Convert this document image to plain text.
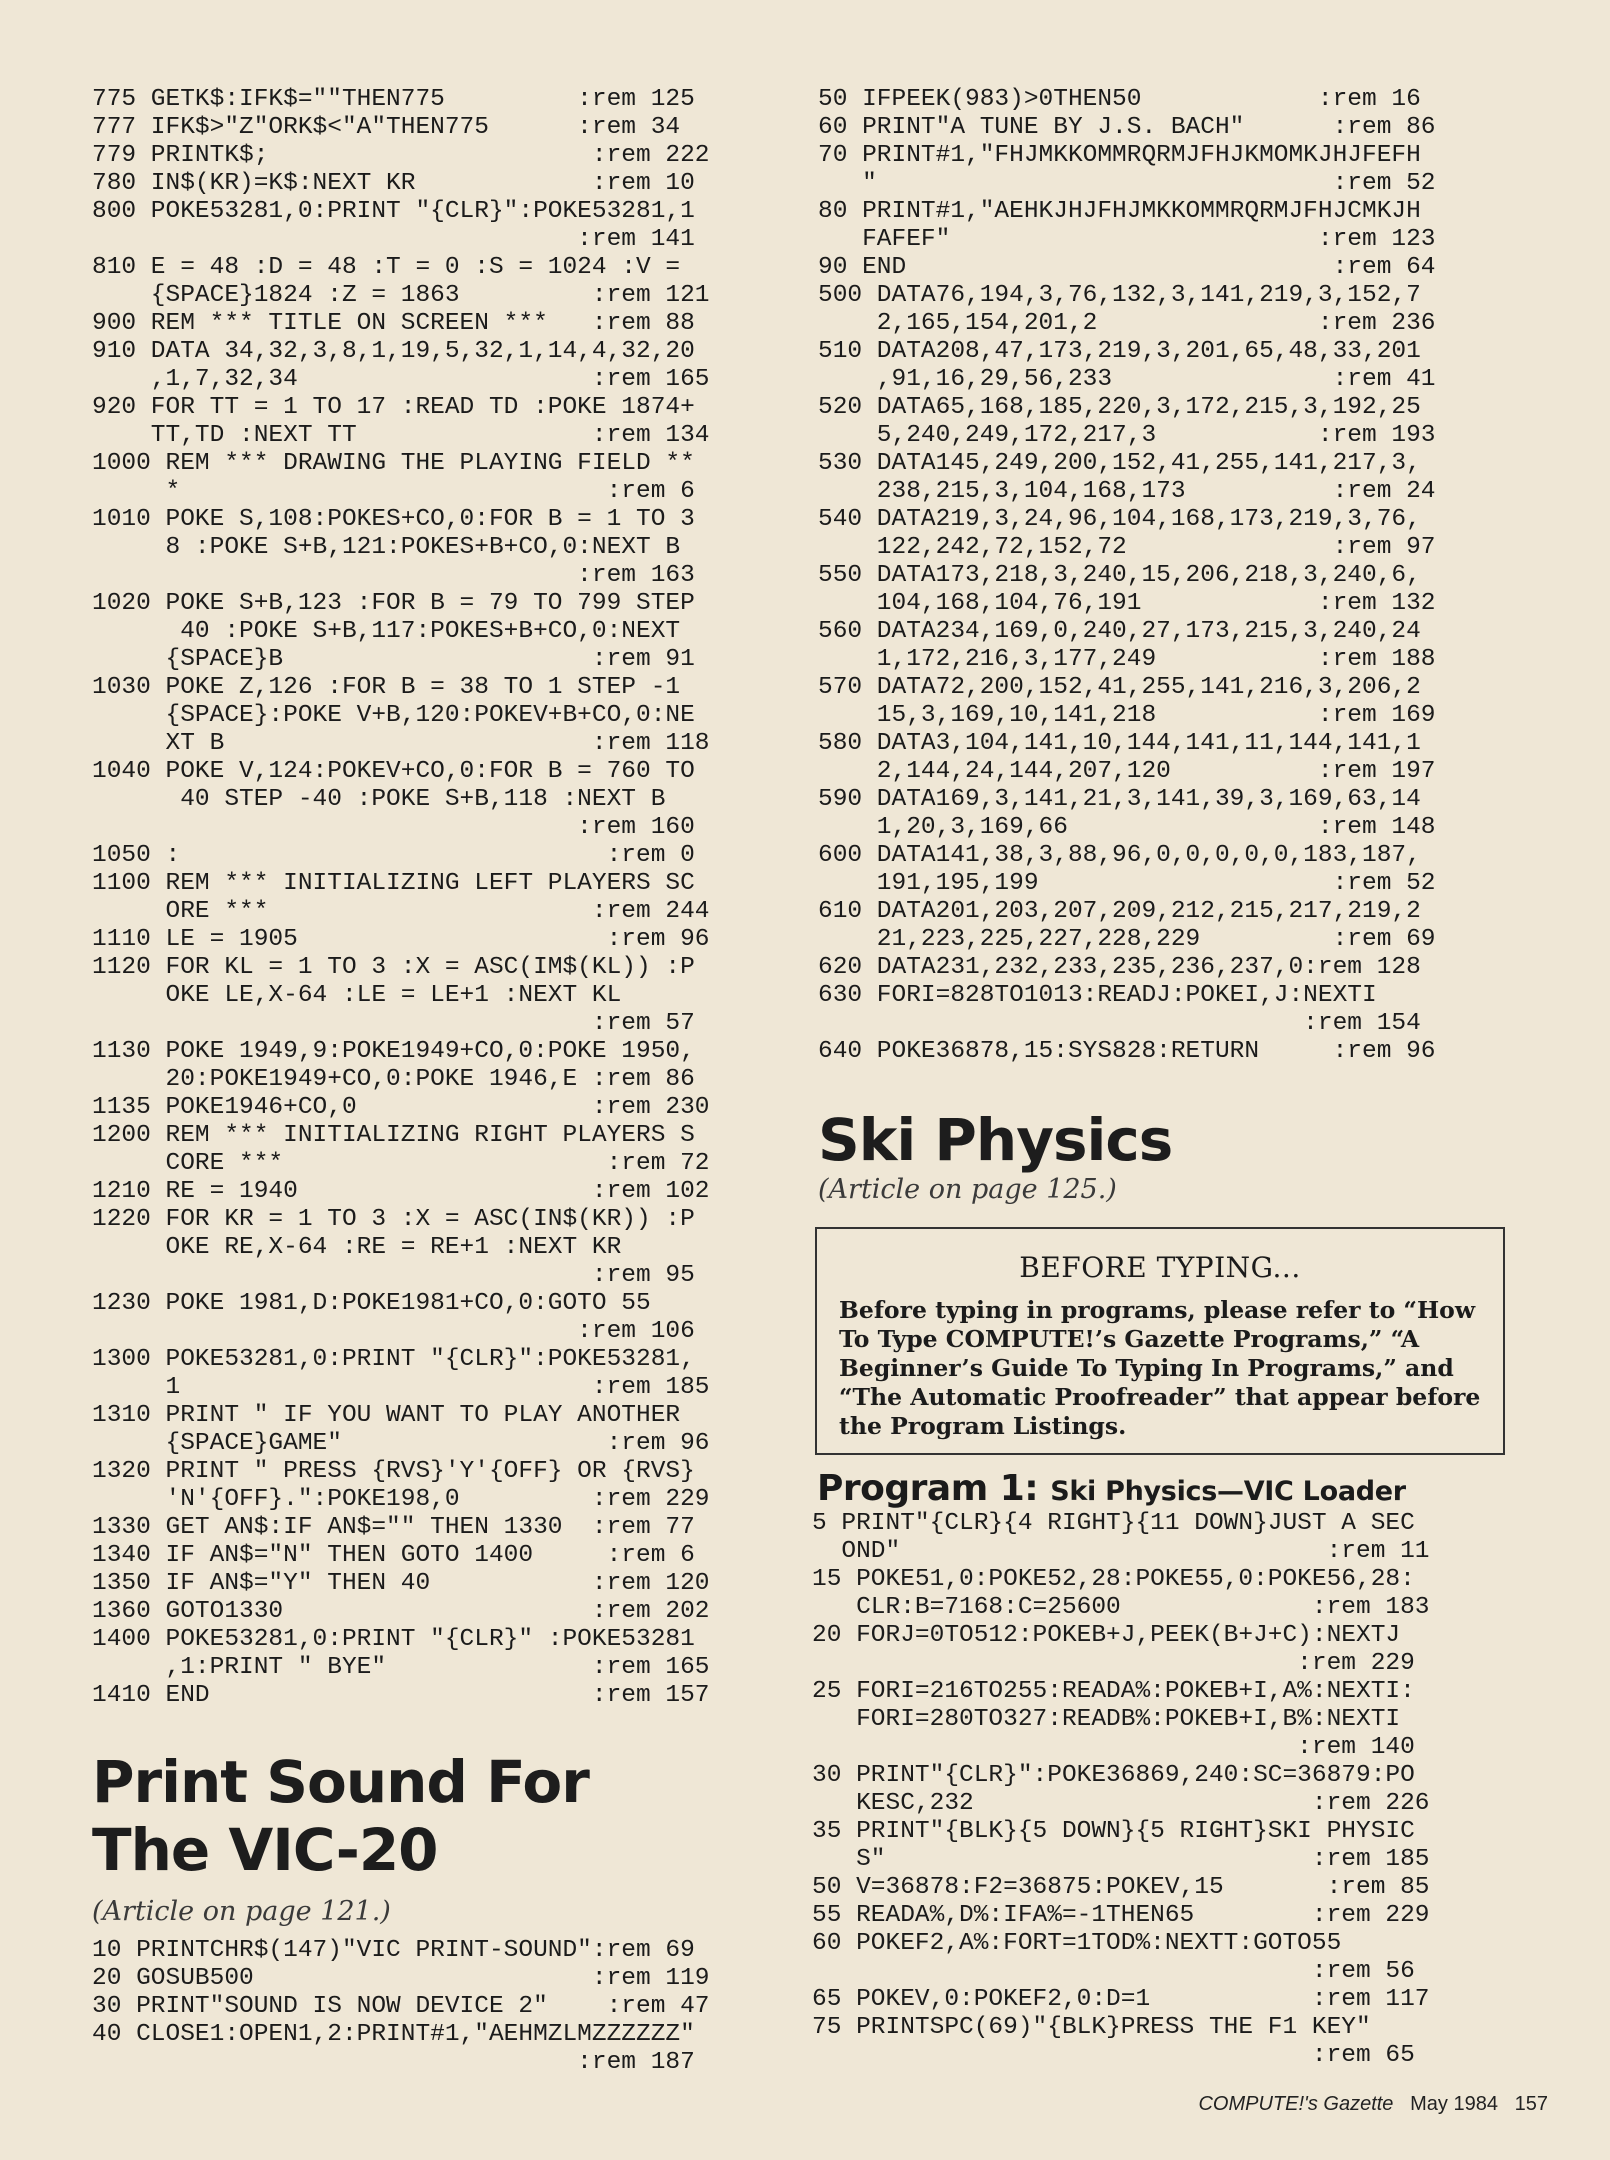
775 GETK$:IFK$=""THEN775         :rem 125
777 IFK$>"Z"ORK$<"A"THEN775      :rem 34
779 PRINTK$;                      :rem 222
780 IN$(KR)=K$:NEXT KR            :rem 10
800 POKE53281,0:PRINT "{CLR}":POKE53281,1
:rem 141
810 E = 48 :D = 48 :T = 0 :S = 1024 :V =
{SPACE}1824 :Z = 1863         :rem 121
900 REM *** TITLE ON SCREEN ***   :rem 88
910 DATA 34,32,3,8,1,19,5,32,1,14,4,32,20
,1,7,32,34                    :rem 165
920 FOR TT = 1 TO 17 :READ TD :POKE 1874+
TT,TD :NEXT TT                :rem 134
1000 REM *** DRAWING THE PLAYING FIELD **
*                             :rem 6
1010 POKE S,108:POKES+CO,0:FOR B = 1 TO 3
8 :POKE S+B,121:POKES+B+CO,0:NEXT B
:rem 163
1020 POKE S+B,123 :FOR B = 79 TO 799 STEP
40 :POKE S+B,117:POKES+B+CO,0:NEXT
{SPACE}B                     :rem 91
1030 POKE Z,126 :FOR B = 38 TO 1 STEP -1
{SPACE}:POKE V+B,120:POKEV+B+CO,0:NE
XT B                         :rem 118
1040 POKE V,124:POKEV+CO,0:FOR B = 760 TO
40 STEP -40 :POKE S+B,118 :NEXT B
:rem 160
1050 :                             :rem 0
1100 REM *** INITIALIZING LEFT PLAYERS SC
ORE ***                      :rem 244
1110 LE = 1905                     :rem 96
1120 FOR KL = 1 TO 3 :X = ASC(IM$(KL)) :P
OKE LE,X-64 :LE = LE+1 :NEXT KL
:rem 57
1130 POKE 1949,9:POKE1949+CO,0:POKE 1950,
20:POKE1949+CO,0:POKE 1946,E :rem 86
1135 POKE1946+CO,0                :rem 230
1200 REM *** INITIALIZING RIGHT PLAYERS S
CORE ***                      :rem 72
1210 RE = 1940                    :rem 102
1220 FOR KR = 1 TO 3 :X = ASC(IN$(KR)) :P
OKE RE,X-64 :RE = RE+1 :NEXT KR
:rem 95
1230 POKE 1981,D:POKE1981+CO,0:GOTO 55
:rem 106
1300 POKE53281,0:PRINT "{CLR}":POKE53281,
1                            :rem 185
1310 PRINT " IF YOU WANT TO PLAY ANOTHER
{SPACE}GAME"                  :rem 96
1320 PRINT " PRESS {RVS}'Y'{OFF} OR {RVS}
'N'{OFF}.":POKE198,0         :rem 229
1330 GET AN$:IF AN$="" THEN 1330  :rem 77
1340 IF AN$="N" THEN GOTO 1400     :rem 6
1350 IF AN$="Y" THEN 40           :rem 120
1360 GOTO1330                     :rem 202
1400 POKE53281,0:PRINT "{CLR}" :POKE53281
,1:PRINT " BYE"              :rem 165
1410 END                          :rem 157
Print Sound For The VIC-20
(Article on page 121.)
10 PRINTCHR$(147)"VIC PRINT-SOUND":rem 69
20 GOSUB500                       :rem 119
30 PRINT"SOUND IS NOW DEVICE 2"    :rem 47
40 CLOSE1:OPEN1,2:PRINT#1,"AEHMZLMZZZZZZ"
:rem 187
50 IFPEEK(983)>0THEN50            :rem 16
60 PRINT"A TUNE BY J.S. BACH"      :rem 86
70 PRINT#1,"FHJMKKOMMRQRMJFHJKMOMKJHJFEFH
"                               :rem 52
80 PRINT#1,"AEHKJHJFHJMKKOMMRQRMJFHJCMKJH
FAFEF"                         :rem 123
90 END                             :rem 64
500 DATA76,194,3,76,132,3,141,219,3,152,7
2,165,154,201,2               :rem 236
510 DATA208,47,173,219,3,201,65,48,33,201
,91,16,29,56,233               :rem 41
520 DATA65,168,185,220,3,172,215,3,192,25
5,240,249,172,217,3           :rem 193
530 DATA145,249,200,152,41,255,141,217,3,
238,215,3,104,168,173          :rem 24
540 DATA219,3,24,96,104,168,173,219,3,76,
122,242,72,152,72              :rem 97
550 DATA173,218,3,240,15,206,218,3,240,6,
104,168,104,76,191            :rem 132
560 DATA234,169,0,240,27,173,215,3,240,24
1,172,216,3,177,249           :rem 188
570 DATA72,200,152,41,255,141,216,3,206,2
15,3,169,10,141,218           :rem 169
580 DATA3,104,141,10,144,141,11,144,141,1
2,144,24,144,207,120          :rem 197
590 DATA169,3,141,21,3,141,39,3,169,63,14
1,20,3,169,66                 :rem 148
600 DATA141,38,3,88,96,0,0,0,0,0,183,187,
191,195,199                    :rem 52
610 DATA201,203,207,209,212,215,217,219,2
21,223,225,227,228,229         :rem 69
620 DATA231,232,233,235,236,237,0:rem 128
630 FORI=828TO1013:READJ:POKEI,J:NEXTI
:rem 154
640 POKE36878,15:SYS828:RETURN     :rem 96
Ski Physics
(Article on page 125.)
BEFORE TYPING...

Before typing in programs, please refer to “How To Type COMPUTE!’s Gazette Programs,” “A Beginner’s Guide To Typing In Programs,” and “The Automatic Proofreader” that appear before the Program Listings.

Program 1: Ski Physics—VIC Loader
5 PRINT"{CLR}{4 RIGHT}{11 DOWN}JUST A SEC
OND"                             :rem 11
15 POKE51,0:POKE52,28:POKE55,0:POKE56,28:
CLR:B=7168:C=25600             :rem 183
20 FORJ=0TO512:POKEB+J,PEEK(B+J+C):NEXTJ
:rem 229
25 FORI=216TO255:READA%:POKEB+I,A%:NEXTI:
FORI=280TO327:READB%:POKEB+I,B%:NEXTI
:rem 140
30 PRINT"{CLR}":POKE36869,240:SC=36879:PO
KESC,232                       :rem 226
35 PRINT"{BLK}{5 DOWN}{5 RIGHT}SKI PHYSIC
S"                             :rem 185
50 V=36878:F2=36875:POKEV,15       :rem 85
55 READA%,D%:IFA%=-1THEN65        :rem 229
60 POKEF2,A%:FORT=1TOD%:NEXTT:GOTO55
:rem 56
65 POKEV,0:POKEF2,0:D=1           :rem 117
75 PRINTSPC(69)"{BLK}PRESS THE F1 KEY"
:rem 65
COMPUTE!'s Gazette May 1984 157
